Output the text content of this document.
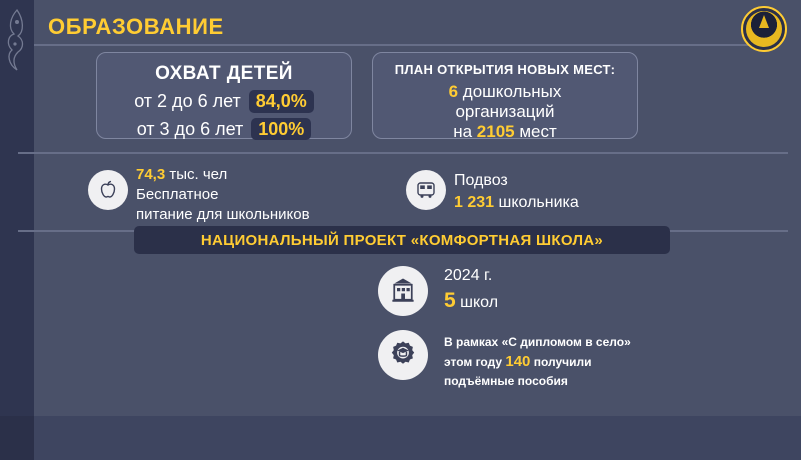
ОБРАЗОВАНИЕ
ОХВАТ ДЕТЕЙ
от 2 до 6 лет 84,0%
от 3 до 6 лет 100%
ПЛАН ОТКРЫТИЯ НОВЫХ МЕСТ:
6 дошкольных
организаций
на 2105 мест
74,3 тыс. чел
Бесплатное
питание для школьников
Подвоз
1 231 школьника
НАЦИОНАЛЬНЫЙ ПРОЕКТ «КОМФОРТНАЯ ШКОЛА»
2024 г.
5 школ
В рамках «С дипломом в село»
этом году 140 получили
подъёмные пособия
